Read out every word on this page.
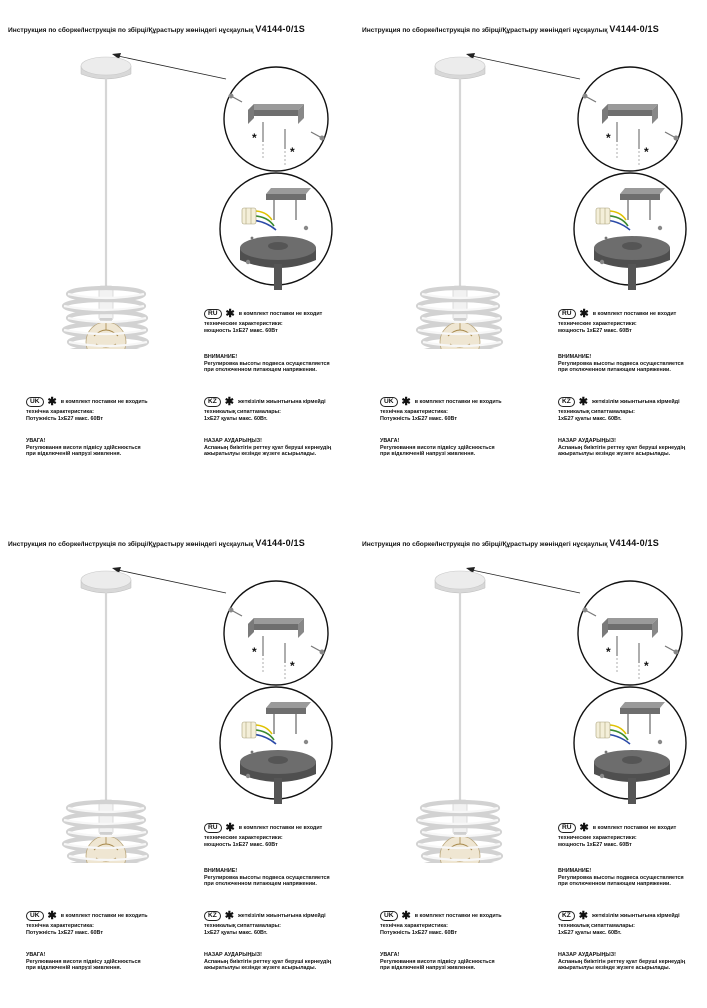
Инструкция по сборке/Інструкція по збірці/Құрастыру жөніндегі нұсқаулық V4144-0/1S
*
*
RU ✱ в комплект поставки не входит
технические характеристики:
мощность 1xE27 макс. 60Вт
ВНИМАНИЕ!
Регулировка высоты подвеса осуществляется
при отключенном питающем напряжении.
UK ✱ в комплект поставки не входить
технічна характеристика:
Потужність 1xE27 макс. 60Вт
УВАГА!
Регулювання висоти підвісу здійснюється
при відключеній напрузі живлення.
KZ ✱ жеткізілім жиынтығына кірмейді
техникалық сипаттамалары:
1xE27 қуаты макс. 60Вт.
НАЗАР АУДАРЫҢЫЗ!
Аспаның биіктігін реттеу қуат беруші кернеудің
ажыратылуы кезінде жүзеге асырылады.
Инструкция по сборке/Інструкція по збірці/Құрастыру жөніндегі нұсқаулық V4144-0/1S
*
*
RU ✱ в комплект поставки не входит
технические характеристики:
мощность 1xE27 макс. 60Вт
ВНИМАНИЕ!
Регулировка высоты подвеса осуществляется
при отключенном питающем напряжении.
UK ✱ в комплект поставки не входить
технічна характеристика:
Потужність 1xE27 макс. 60Вт
УВАГА!
Регулювання висоти підвісу здійснюється
при відключеній напрузі живлення.
KZ ✱ жеткізілім жиынтығына кірмейді
техникалық сипаттамалары:
1xE27 қуаты макс. 60Вт.
НАЗАР АУДАРЫҢЫЗ!
Аспаның биіктігін реттеу қуат беруші кернеудің
ажыратылуы кезінде жүзеге асырылады.
Инструкция по сборке/Інструкція по збірці/Құрастыру жөніндегі нұсқаулық V4144-0/1S
*
*
RU ✱ в комплект поставки не входит
технические характеристики:
мощность 1xE27 макс. 60Вт
ВНИМАНИЕ!
Регулировка высоты подвеса осуществляется
при отключенном питающем напряжении.
UK ✱ в комплект поставки не входить
технічна характеристика:
Потужність 1xE27 макс. 60Вт
УВАГА!
Регулювання висоти підвісу здійснюється
при відключеній напрузі живлення.
KZ ✱ жеткізілім жиынтығына кірмейді
техникалық сипаттамалары:
1xE27 қуаты макс. 60Вт.
НАЗАР АУДАРЫҢЫЗ!
Аспаның биіктігін реттеу қуат беруші кернеудің
ажыратылуы кезінде жүзеге асырылады.
Инструкция по сборке/Інструкція по збірці/Құрастыру жөніндегі нұсқаулық V4144-0/1S
*
*
RU ✱ в комплект поставки не входит
технические характеристики:
мощность 1xE27 макс. 60Вт
ВНИМАНИЕ!
Регулировка высоты подвеса осуществляется
при отключенном питающем напряжении.
UK ✱ в комплект поставки не входить
технічна характеристика:
Потужність 1xE27 макс. 60Вт
УВАГА!
Регулювання висоти підвісу здійснюється
при відключеній напрузі живлення.
KZ ✱ жеткізілім жиынтығына кірмейді
техникалық сипаттамалары:
1xE27 қуаты макс. 60Вт.
НАЗАР АУДАРЫҢЫЗ!
Аспаның биіктігін реттеу қуат беруші кернеудің
ажыратылуы кезінде жүзеге асырылады.
